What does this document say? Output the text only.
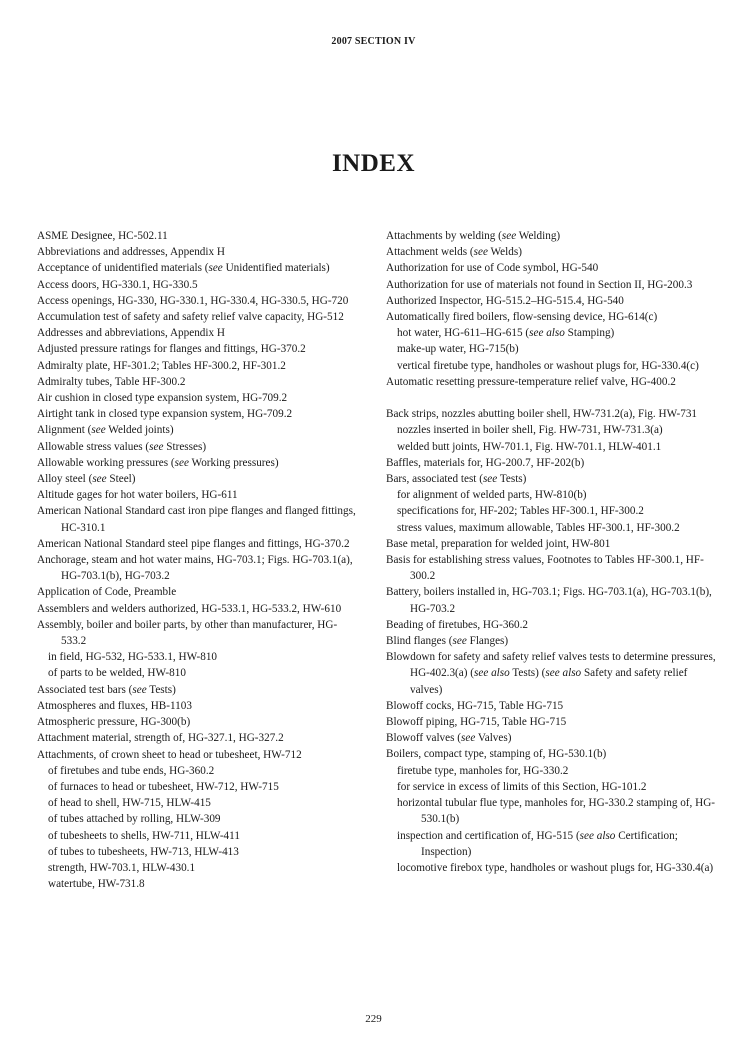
2007 SECTION IV
INDEX
ASME Designee, HC-502.11
Abbreviations and addresses, Appendix H
Acceptance of unidentified materials (see Unidentified materials)
Access doors, HG-330.1, HG-330.5
Access openings, HG-330, HG-330.1, HG-330.4, HG-330.5, HG-720
Accumulation test of safety and safety relief valve capacity, HG-512
Addresses and abbreviations, Appendix H
Adjusted pressure ratings for flanges and fittings, HG-370.2
Admiralty plate, HF-301.2; Tables HF-300.2, HF-301.2
Admiralty tubes, Table HF-300.2
Air cushion in closed type expansion system, HG-709.2
Airtight tank in closed type expansion system, HG-709.2
Alignment (see Welded joints)
Allowable stress values (see Stresses)
Allowable working pressures (see Working pressures)
Alloy steel (see Steel)
Altitude gages for hot water boilers, HG-611
American National Standard cast iron pipe flanges and flanged fittings, HC-310.1
American National Standard steel pipe flanges and fittings, HG-370.2
Anchorage, steam and hot water mains, HG-703.1; Figs. HG-703.1(a), HG-703.1(b), HG-703.2
Application of Code, Preamble
Assemblers and welders authorized, HG-533.1, HG-533.2, HW-610
Assembly, boiler and boiler parts, by other than manufacturer, HG-533.2
in field, HG-532, HG-533.1, HW-810
of parts to be welded, HW-810
Associated test bars (see Tests)
Atmospheres and fluxes, HB-1103
Atmospheric pressure, HG-300(b)
Attachment material, strength of, HG-327.1, HG-327.2
Attachments, of crown sheet to head or tubesheet, HW-712
of firetubes and tube ends, HG-360.2
of furnaces to head or tubesheet, HW-712, HW-715
of head to shell, HW-715, HLW-415
of tubes attached by rolling, HLW-309
of tubesheets to shells, HW-711, HLW-411
of tubes to tubesheets, HW-713, HLW-413
strength, HW-703.1, HLW-430.1
watertube, HW-731.8
Attachments by welding (see Welding)
Attachment welds (see Welds)
Authorization for use of Code symbol, HG-540
Authorization for use of materials not found in Section II, HG-200.3
Authorized Inspector, HG-515.2–HG-515.4, HG-540
Automatically fired boilers, flow-sensing device, HG-614(c)
hot water, HG-611–HG-615 (see also Stamping)
make-up water, HG-715(b)
vertical firetube type, handholes or washout plugs for, HG-330.4(c)
Automatic resetting pressure-temperature relief valve, HG-400.2
Back strips, nozzles abutting boiler shell, HW-731.2(a), Fig. HW-731
nozzles inserted in boiler shell, Fig. HW-731, HW-731.3(a)
welded butt joints, HW-701.1, Fig. HW-701.1, HLW-401.1
Baffles, materials for, HG-200.7, HF-202(b)
Bars, associated test (see Tests)
for alignment of welded parts, HW-810(b)
specifications for, HF-202; Tables HF-300.1, HF-300.2
stress values, maximum allowable, Tables HF-300.1, HF-300.2
Base metal, preparation for welded joint, HW-801
Basis for establishing stress values, Footnotes to Tables HF-300.1, HF-300.2
Battery, boilers installed in, HG-703.1; Figs. HG-703.1(a), HG-703.1(b), HG-703.2
Beading of firetubes, HG-360.2
Blind flanges (see Flanges)
Blowdown for safety and safety relief valves tests to determine pressures, HG-402.3(a) (see also Tests) (see also Safety and safety relief valves)
Blowoff cocks, HG-715, Table HG-715
Blowoff piping, HG-715, Table HG-715
Blowoff valves (see Valves)
Boilers, compact type, stamping of, HG-530.1(b)
firetube type, manholes for, HG-330.2
for service in excess of limits of this Section, HG-101.2
horizontal tubular flue type, manholes for, HG-330.2 stamping of, HG-530.1(b)
inspection and certification of, HG-515 (see also Certification; Inspection)
locomotive firebox type, handholes or washout plugs for, HG-330.4(a)
229
